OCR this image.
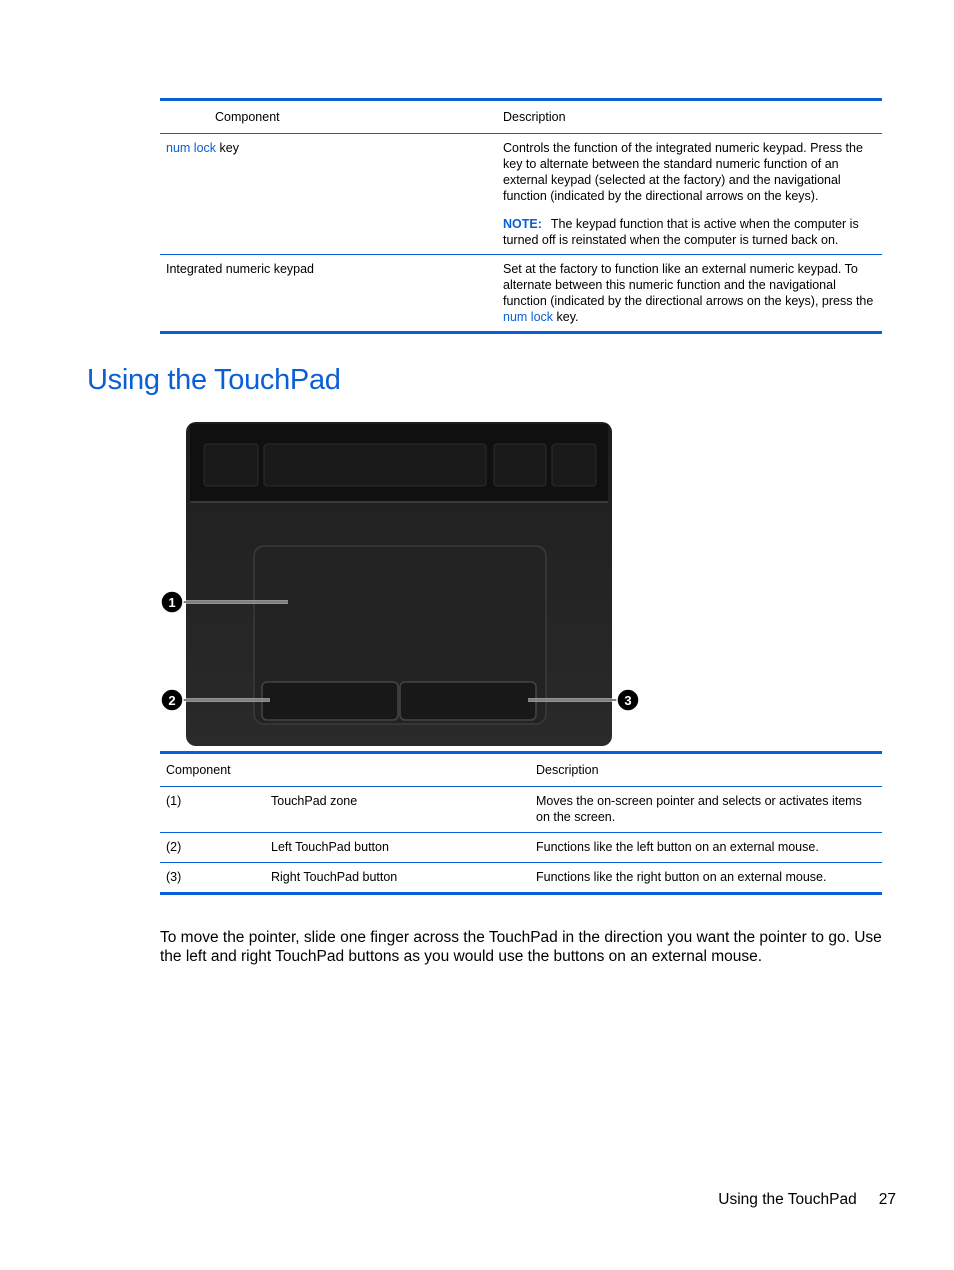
Component	Description
num lock key	Controls the function of the integrated numeric keypad. Press the key to alternate between the standard numeric function of an external keypad (selected at the factory) and the navigational function (indicated by the directional arrows on the keys).

NOTE: The keypad function that is active when the computer is turned off is reinstated when the computer is turned back on.

Integrated numeric keypad	Set at the factory to function like an external numeric keypad. To alternate between this numeric function and the navigational function (indicated by the directional arrows on the keys), press the num lock key.
Using the TouchPad
1
2	3
Component		Description
(1)	TouchPad zone	Moves the on-screen pointer and selects or activates items on the screen.
(2)	Left TouchPad button	Functions like the left button on an external mouse.
(3)	Right TouchPad button	Functions like the right button on an external mouse.

To move the pointer, slide one finger across the TouchPad in the direction you want the pointer to go. Use the left and right TouchPad buttons as you would use the buttons on an external mouse.

Using the TouchPad 27
